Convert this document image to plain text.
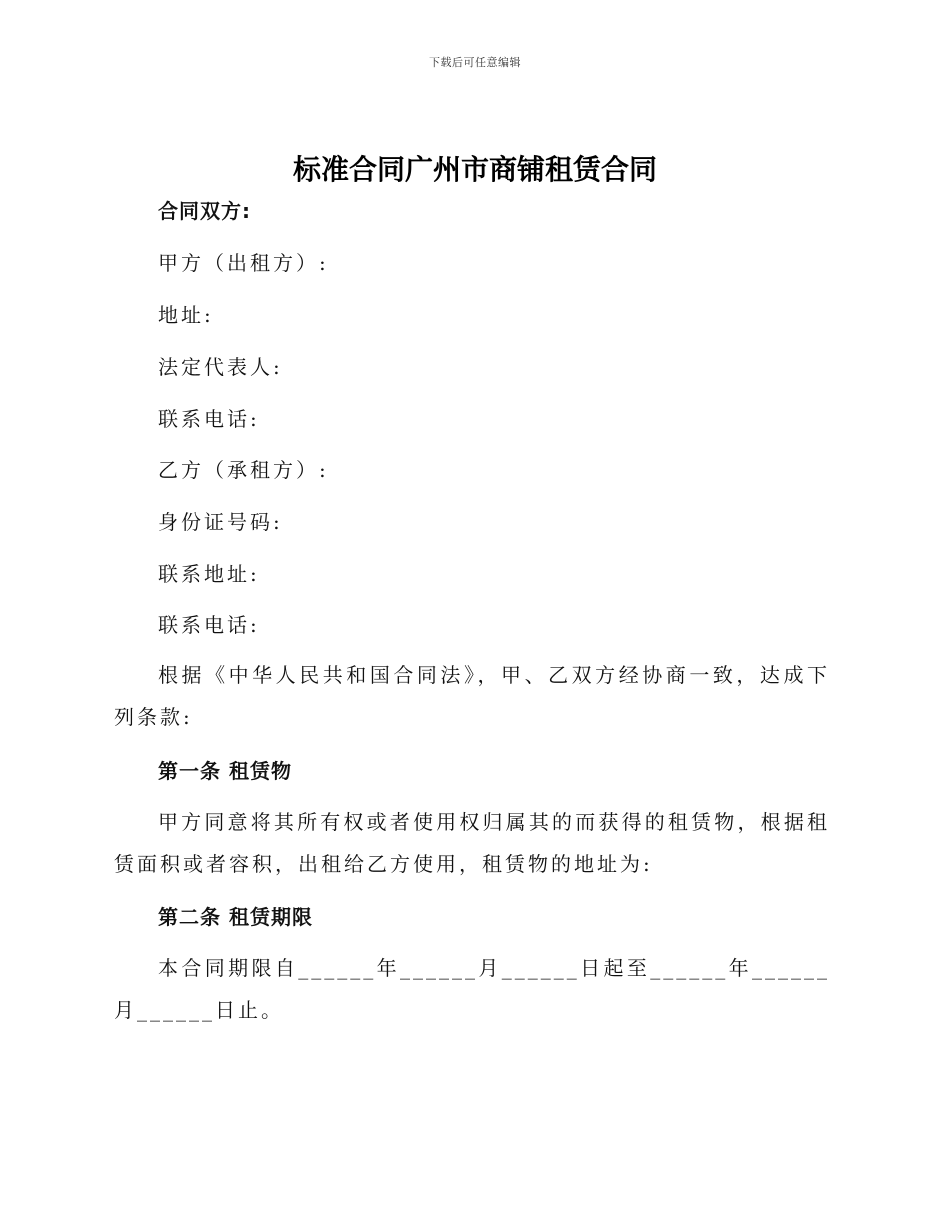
下载后可任意编辑
标准合同广州市商铺租赁合同
合同双方:
甲方（出租方）:
地址:
法定代表人:
联系电话:
乙方（承租方）:
身份证号码:
联系地址:
联系电话:

根据《中华人民共和国合同法》，甲、乙双方经协商一致，达成下列条款:

第一条 租赁物

甲方同意将其所有权或者使用权归属其的而获得的租赁物，根据租赁面积或者容积，出租给乙方使用，租赁物的地址为:

第二条 租赁期限

本合同期限自______年______月______日起至______年______月______日止。
